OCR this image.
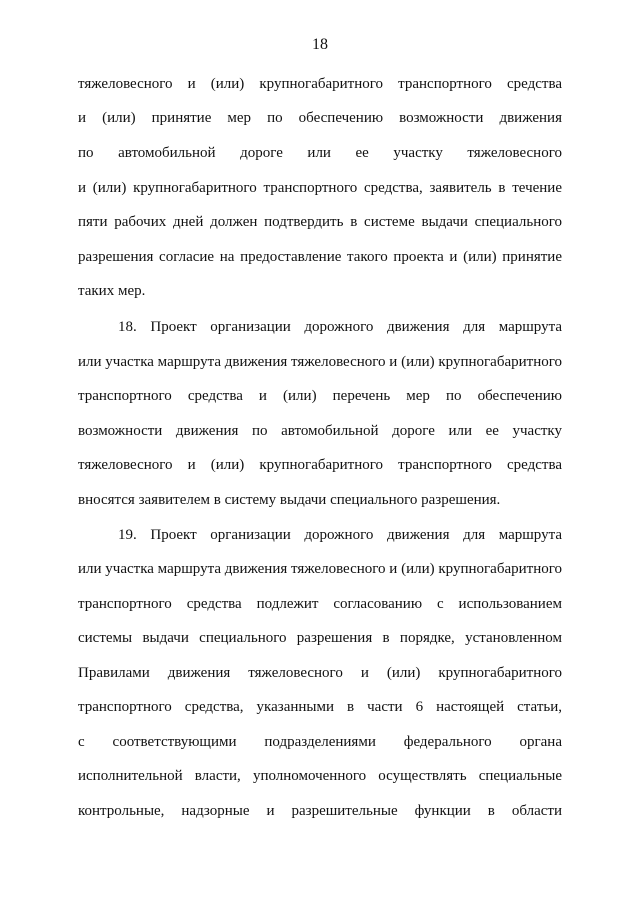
18
тяжеловесного и (или) крупногабаритного транспортного средства
и (или) принятие мер по обеспечению возможности движения
по автомобильной дороге или ее участку тяжеловесного
и (или) крупногабаритного транспортного средства, заявитель в течение
пяти рабочих дней должен подтвердить в системе выдачи специального
разрешения согласие на предоставление такого проекта и (или) принятие
таких мер.
18. Проект организации дорожного движения для маршрута
или участка маршрута движения тяжеловесного и (или) крупногабаритного
транспортного средства и (или) перечень мер по обеспечению
возможности движения по автомобильной дороге или ее участку
тяжеловесного и (или) крупногабаритного транспортного средства
вносятся заявителем в систему выдачи специального разрешения.
19. Проект организации дорожного движения для маршрута
или участка маршрута движения тяжеловесного и (или) крупногабаритного
транспортного средства подлежит согласованию с использованием
системы выдачи специального разрешения в порядке, установленном
Правилами движения тяжеловесного и (или) крупногабаритного
транспортного средства, указанными в части 6 настоящей статьи,
с соответствующими подразделениями федерального органа
исполнительной власти, уполномоченного осуществлять специальные
контрольные, надзорные и разрешительные функции в области
